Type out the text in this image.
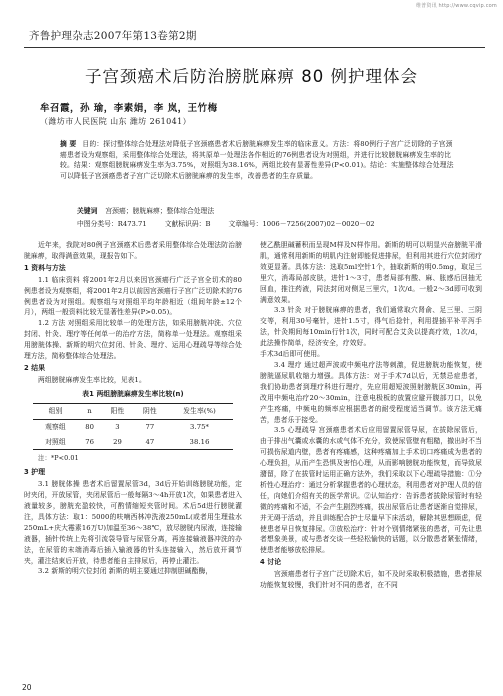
维普资讯 http://www.cqvip.com
齐鲁护理杂志2007年第13卷第2期
子宫颈癌术后防治膀胱麻痹 80 例护理体会
牟召霞，孙 瑜，李素娟，李 岚，王竹梅
（潍坊市人民医院 山东 潍坊 261041）
摘 要 目的：探讨整体综合处理法对降低子宫颈癌患者术后膀胱麻痹发生率的临床意义。方法：将80例行子宫广泛切除的子宫颈癌患者设为观察组，采用整体综合处理法，将其原单一处理法各作相近的76例患者设为对照组，并进行比较膀胱麻痹发生率的比较。结果：观察组膀胱麻痹发生率为3.75%，对照组为38.16%，两组比较有显著性差异(P<0.01)。结论：实施整体综合处理法可以降低子宫颈癌患者子宫广泛切除术后膀胱麻痹的发生率，改善患者的生存质量。
关键词 宫颈癌；膀胱麻痹；整体综合处理法
中图分类号：R473.71	文献标识码：B	文章编号：1006－7256(2007)02－0020－02

近年来，我院对80例子宫颈癌术后患者采用整体综合处理法防治膀胱麻痹，取得满意效果，现报告如下。

1 资料与方法

1.1 临床资料 将2001年2月以来因宫颈癌行广泛子宫全切术的80例患者设为观察组，将2001年2月以前因宫颈癌行子宫广泛切除术的76例患者设为对照组。观察组与对照组平均年龄相近（组间年龄±12个月），两组一般资料比较无显著性差异(P>0.05)。

1.2 方法 对照组采用比较单一的处理方法，如采用膀胱冲洗、穴位封闭、针灸、理疗等任何单一的治疗方法，简称单一处理法。观察组采用膀胱体操、新斯的明穴位封闭、针灸、理疗、运用心理疏导等综合处理方法，简称整体综合处理法。

2 结果

两组膀胱麻痹发生率比较，见表1。

表1 两组膀胱麻痹发生率比较(n)
组别	n	阳性	阴性	发生率(%)
观察组	80	3	77	3.75*
对照组	76	29	47	38.16
注：*P<0.01

3 护理

3.1 膀胱体操 患者术后留置尿管3d，3d后开始训练膀胱功能，定时夹闭，开放尿管，夹闭尿管后一般每隔3～4h开放1次，如果患者进入液量较多，膀胱充盈较快，可酌情缩短夹管时间。术后5d进行膀胱灌注，具体方法：取1：5000的呋喃西林冲洗液250mL(或者用生理盐水250mL+庆大霉素16万U)加温至36～38℃，放尽膀胱内尿液，连接输液器，插针传统上先将引流袋导管与尿管分离，再连接输液器冲洗的办法，在尿管的末端消毒后插入输液器的针头连接输入，然后放开调节夹，灌注结束后开放，待患者能自主排尿后，再停止灌注。

3.2 新斯的明穴位封闭 新斯的明主要通过抑制胆碱酯酶，

使乙酰胆碱蓄积而呈现M样及N样作用。新斯的明可以明显兴奋膀胱平滑肌，通常利用新斯的明肌内注射即能促进排尿，但利用其进行穴位封闭疗效更显著。具体方法：选取5ml空针1个，抽取新斯的明0.5mg，取足三里穴，消毒局部皮肤，进针1～3寸，患者局部有酸、麻、胀感后回抽无回血，推注药液，同法封闭对侧足三里穴，1次/d。一般2～3d即可收到满意效果。

3.3 针灸 对于膀胱麻痹的患者，我们通常取穴肾俞、足三里、三阴交等，利用30号毫针，进针1.5寸，得气后捻针，利用提插平补平泻手法，针灸期间每10min行针1次，同时可配合艾灸以提高疗效，1次/d，此法操作简单，经济安全，疗效好。

手术3d后即可使用。

3.4 理疗 通过超声波或中频电疗法等刺激，促进膀胱功能恢复，使膀胱逼尿肌收缩力增强。具体方法：对于手术7d以后，无禁忌症患者，我们协助患者到理疗科进行理疗，先应用超短波照射膀胱区30min，再改用中频电治疗20～30min，注意电极板的放置应避开腹部刀口，以免产生疼痛，中频电的频率应根据患者的耐受程度适当调节。该方法无痛苦，患者乐于接受。

3.5 心理疏导 宫颈癌患者术后应用留置尿管导尿，在拔除尿管后，由于排出气囊或水囊的水或气体不充分，致使尿管壁有粗糙，撤出时不当可损伤尿道内壁，患者有疼痛感，这种疼痛加上手术切口疼痛成为患者的心理负担，从而产生恐惧及害怕心理，从而影响膀胱功能恢复，而导致尿潴留，除了在拔管时运用正确方法外，我们采取以下心理疏导措施：①分析性心理治疗：通过分析掌握患者的心理状态，利用患者对护理人员的信任，向她们介绍有关的医学常识。②认知治疗：告诉患者拔除尿管时有轻微的疼痛和不适，不会产生剧烈疼痛，拔出尿管后让患者逐渐自觉排尿，并无碍于活动，并且训练配合护士尽量早下床活动，解除其思想顾虑，促使患者早日恢复排尿。③放松治疗：针对个别情绪紧张的患者，可先让患者想象美景，或与患者交谈一些轻松愉快的话题，以分散患者紧张情绪，使患者能够放松排尿。

4 讨论

宫颈癌患者行子宫广泛切除术后，如不及时采取积极措施，患者排尿功能恢复较慢，我们针对不同的患者，在不同

20
